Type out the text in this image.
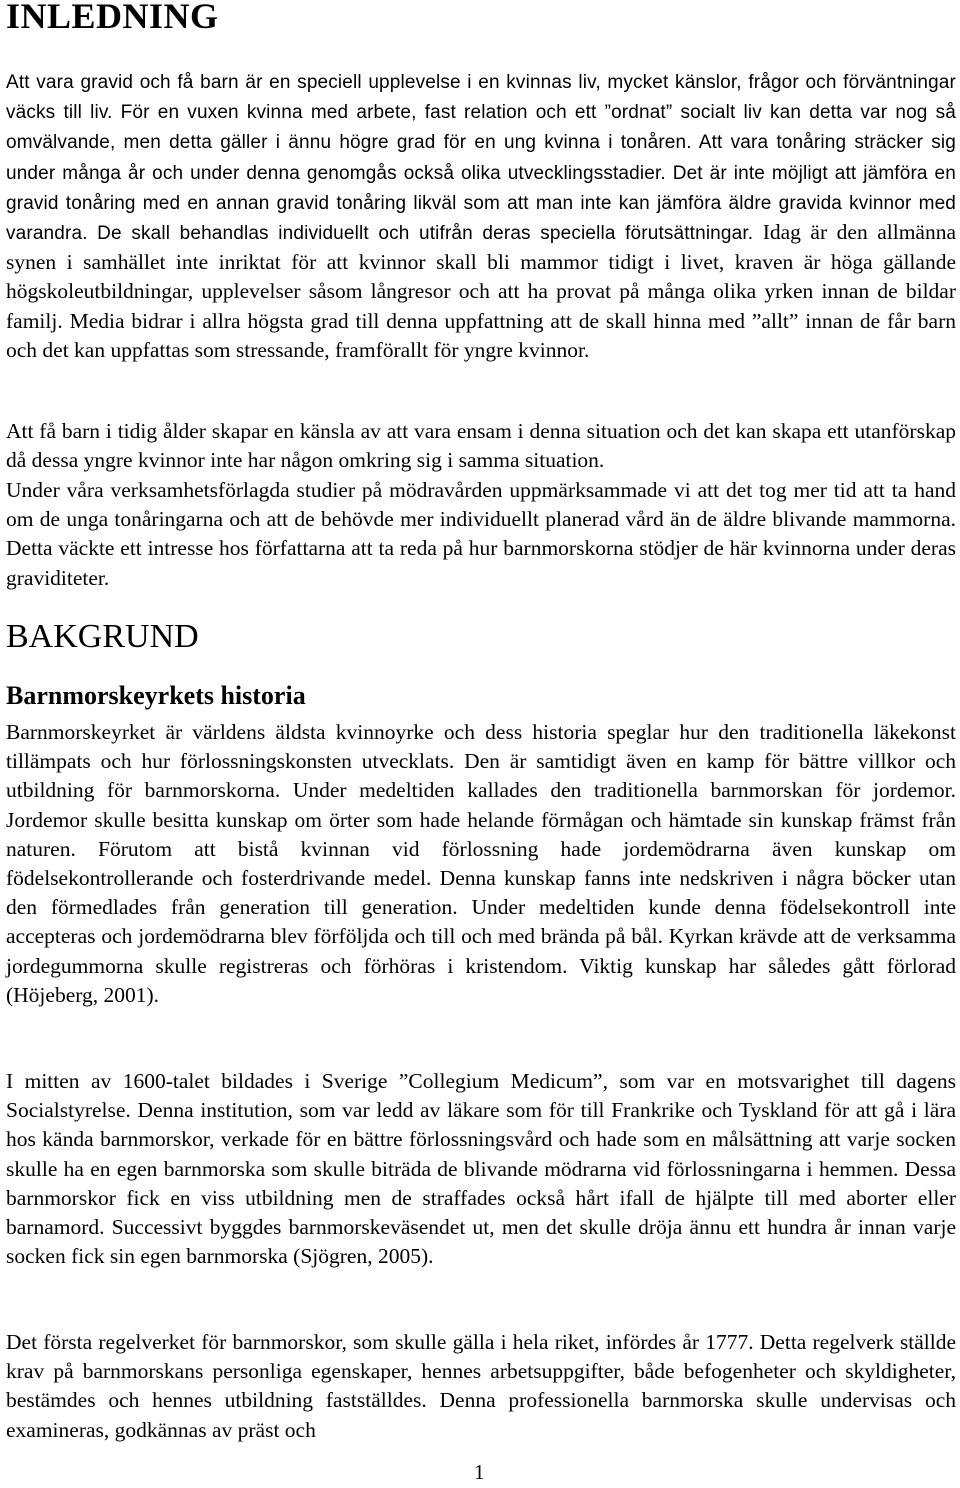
INLEDNING

Att vara gravid och få barn är en speciell upplevelse i en kvinnas liv, mycket känslor, frågor och förväntningar väcks till liv. För en vuxen kvinna med arbete, fast relation och ett ”ordnat” socialt liv kan detta var nog så omvälvande, men detta gäller i ännu högre grad för en ung kvinna i tonåren. Att vara tonåring sträcker sig under många år och under denna genomgås också olika utvecklingsstadier. Det är inte möjligt att jämföra en gravid tonåring med en annan gravid tonåring likväl som att man inte kan jämföra äldre gravida kvinnor med varandra. De skall behandlas individuellt och utifrån deras speciella förutsättningar. Idag är den allmänna synen i samhället inte inriktat för att kvinnor skall bli mammor tidigt i livet, kraven är höga gällande högskoleutbildningar, upplevelser såsom långresor och att ha provat på många olika yrken innan de bildar familj. Media bidrar i allra högsta grad till denna uppfattning att de skall hinna med ”allt” innan de får barn och det kan uppfattas som stressande, framförallt för yngre kvinnor.

Att få barn i tidig ålder skapar en känsla av att vara ensam i denna situation och det kan skapa ett utanförskap då dessa yngre kvinnor inte har någon omkring sig i samma situation.

Under våra verksamhetsförlagda studier på mödravården uppmärksammade vi att det tog mer tid att ta hand om de unga tonåringarna och att de behövde mer individuellt planerad vård än de äldre blivande mammorna. Detta väckte ett intresse hos författarna att ta reda på hur barnmorskorna stödjer de här kvinnorna under deras graviditeter.

BAKGRUND
Barnmorskeyrkets historia

Barnmorskeyrket är världens äldsta kvinnoyrke och dess historia speglar hur den traditionella läkekonst tillämpats och hur förlossningskonsten utvecklats. Den är samtidigt även en kamp för bättre villkor och utbildning för barnmorskorna. Under medeltiden kallades den traditionella barnmorskan för jordemor. Jordemor skulle besitta kunskap om örter som hade helande förmågan och hämtade sin kunskap främst från naturen. Förutom att bistå kvinnan vid förlossning hade jordemödrarna även kunskap om födelsekontrollerande och fosterdrivande medel. Denna kunskap fanns inte nedskriven i några böcker utan den förmedlades från generation till generation. Under medeltiden kunde denna födelsekontroll inte accepteras och jordemödrarna blev förföljda och till och med brända på bål. Kyrkan krävde att de verksamma jordegummorna skulle registreras och förhöras i kristendom. Viktig kunskap har således gått förlorad (Höjeberg, 2001).

I mitten av 1600-talet bildades i Sverige ”Collegium Medicum”, som var en motsvarighet till dagens Socialstyrelse. Denna institution, som var ledd av läkare som för till Frankrike och Tyskland för att gå i lära hos kända barnmorskor, verkade för en bättre förlossningsvård och hade som en målsättning att varje socken skulle ha en egen barnmorska som skulle biträda de blivande mödrarna vid förlossningarna i hemmen. Dessa barnmorskor fick en viss utbildning men de straffades också hårt ifall de hjälpte till med aborter eller barnamord. Successivt byggdes barnmorskeväsendet ut, men det skulle dröja ännu ett hundra år innan varje socken fick sin egen barnmorska (Sjögren, 2005).

Det första regelverket för barnmorskor, som skulle gälla i hela riket, infördes år 1777. Detta regelverk ställde krav på barnmorskans personliga egenskaper, hennes arbetsuppgifter, både befogenheter och skyldigheter, bestämdes och hennes utbildning fastställdes. Denna professionella barnmorska skulle undervisas och examineras, godkännas av präst och

1
